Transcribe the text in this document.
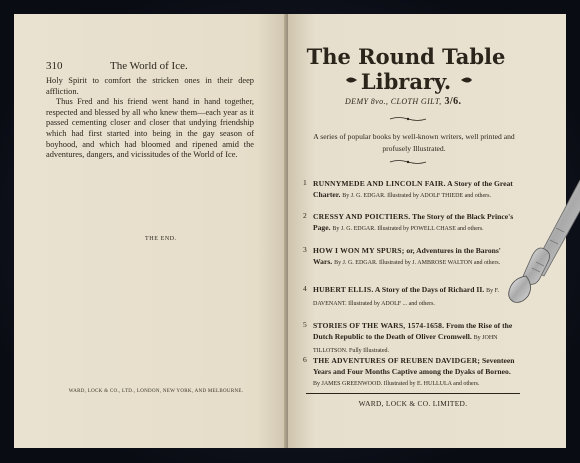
310	The World of Ice.

Holy Spirit to comfort the stricken ones in their deep affliction.

Thus Fred and his friend went hand in hand together, respected and blessed by all who knew them—each year as it passed cementing closer and closer that undying friendship which had first started into being in the gay season of boyhood, and which had bloomed and ripened amid the adventures, dangers, and vicissitudes of the World of Ice.

THE END.
WARD, LOCK & CO., LTD., LONDON, NEW YORK, AND MELBOURNE.
The Round Table
Library.
DEMY 8vo., CLOTH GILT, 3/6.
A series of popular books by well-known writers, well printed and profusely Illustrated.
1 RUNNYMEDE AND LINCOLN FAIR. A Story of the Great Charter. By J. G. EDGAR. Illustrated by ADOLF THIEDE and others.
2 CRESSY AND POICTIERS. The Story of the Black Prince's Page. By J. G. EDGAR. Illustrated by POWELL CHASE and others.
3 HOW I WON MY SPURS; or, Adventures in the Barons' Wars. By J. G. EDGAR. Illustrated by J. AMBROSE WALTON and others.
4 HUBERT ELLIS. A Story of the Days of Richard II. By F. DAVENANT. Illustrated by ADOLF ... and others.
5 STORIES OF THE WARS, 1574-1658. From the Rise of the Dutch Republic to the Death of Oliver Cromwell. By JOHN TILLOTSON. Fully Illustrated.
6 THE ADVENTURES OF REUBEN DAVIDGER; Seventeen Years and Four Months Captive among the Dyaks of Borneo. By JAMES GREENWOOD. Illustrated by E. HULLULA and others.
WARD, LOCK & CO. LIMITED.
